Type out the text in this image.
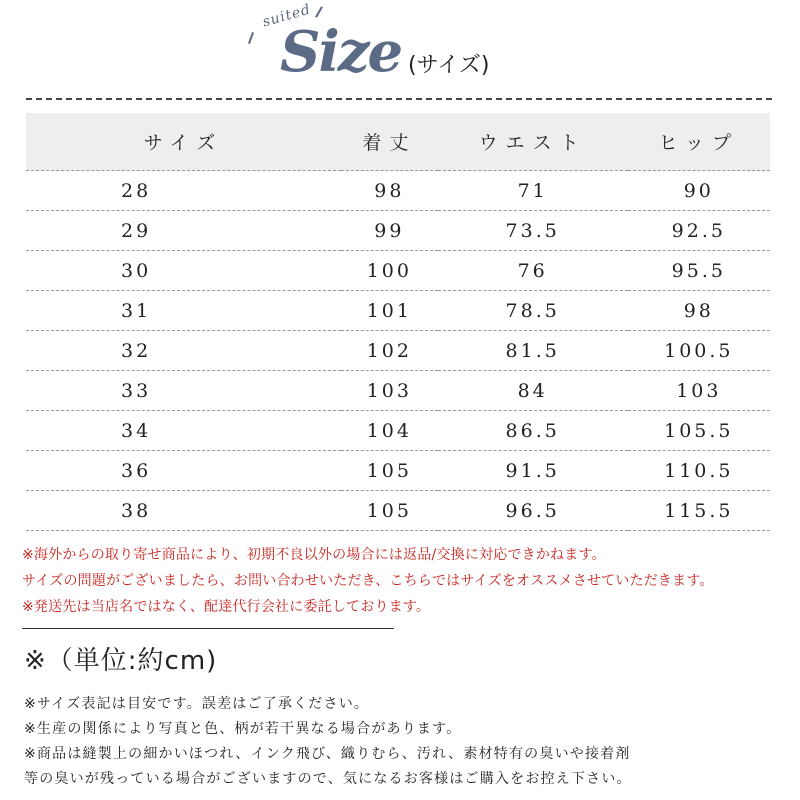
suited
Size (サイズ)
サイズ	着丈	ウエスト	ヒップ
28	98	71	90
29	99	73.5	92.5
30	100	76	95.5
31	101	78.5	98
32	102	81.5	100.5
33	103	84	103
34	104	86.5	105.5
36	105	91.5	110.5
38	105	96.5	115.5
※海外からの取り寄せ商品により、初期不良以外の場合には返品/交換に対応できかねます。
サイズの問題がございましたら、お問い合わせいただき、こちらではサイズをオススメさせていただきます。
※発送先は当店名ではなく、配達代行会社に委託しております。
※（単位:約cm)
※サイズ表記は目安です。誤差はご了承ください。
※生産の関係により写真と色、柄が若干異なる場合があります。
※商品は縫製上の細かいほつれ、インク飛び、織りむら、汚れ、素材特有の臭いや接着剤
等の臭いが残っている場合がございますので、気になるお客様はご購入をお控え下さい。
